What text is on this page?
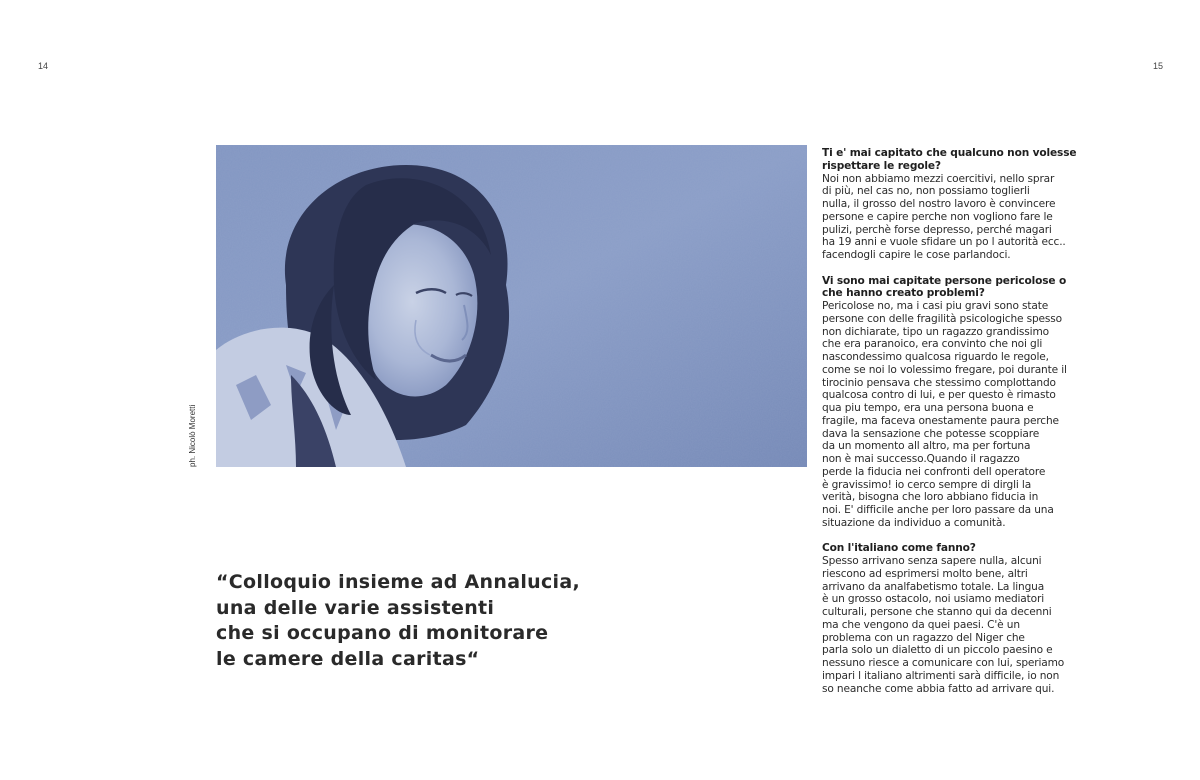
14	15
ph. Nicolò Moretti
“Colloquio insieme ad Annalucia,
una delle varie assistenti
che si occupano di monitorare
le camere della caritas“
Ti e' mai capitato che qualcuno non volesse
rispettare le regole?
Noi non abbiamo mezzi coercitivi, nello sprar
di più, nel cas no, non possiamo toglierli
nulla, il grosso del nostro lavoro è convincere
persone e capire perche non vogliono fare le
pulizi, perchè forse depresso, perché magari
ha 19 anni e vuole sfidare un po l autorità ecc..
facendogli capire le cose parlandoci.
Vi sono mai capitate persone pericolose o
che hanno creato problemi?
Pericolose no, ma i casi piu gravi sono state
persone con delle fragilità psicologiche spesso
non dichiarate, tipo un ragazzo grandissimo
che era paranoico, era convinto che noi gli
nascondessimo qualcosa riguardo le regole,
come se noi lo volessimo fregare, poi durante il
tirocinio pensava che stessimo complottando
qualcosa contro di lui, e per questo è rimasto
qua piu tempo, era una persona buona e
fragile, ma faceva onestamente paura perche
dava la sensazione che potesse scoppiare
da un momento all altro, ma per fortuna
non è mai successo.Quando il ragazzo
perde la fiducia nei confronti dell operatore
è gravissimo! io cerco sempre di dirgli la
verità, bisogna che loro abbiano fiducia in
noi. E' difficile anche per loro passare da una
situazione da individuo a comunità.
Con l'italiano come fanno?
Spesso arrivano senza sapere nulla, alcuni
riescono ad esprimersi molto bene, altri
arrivano da analfabetismo totale. La lingua
è un grosso ostacolo, noi usiamo mediatori
culturali, persone che stanno qui da decenni
ma che vengono da quei paesi. C'è un
problema con un ragazzo del Niger che
parla solo un dialetto di un piccolo paesino e
nessuno riesce a comunicare con lui, speriamo
impari l italiano altrimenti sarà difficile, io non
so neanche come abbia fatto ad arrivare qui.
